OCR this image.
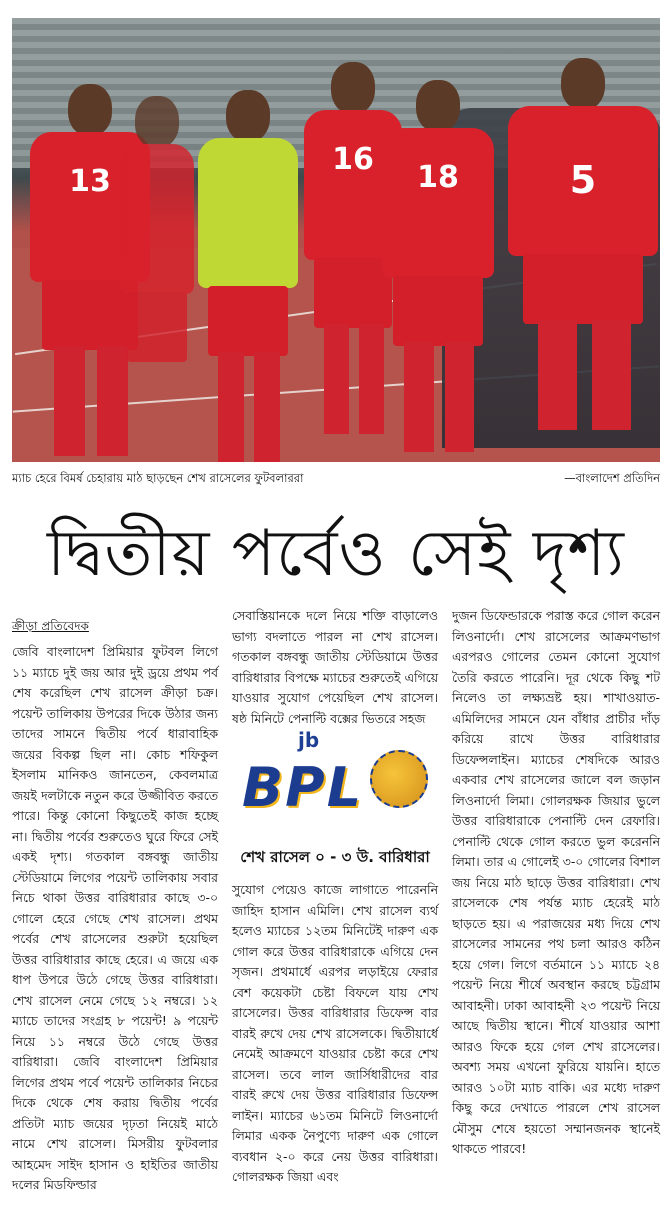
13
16
18	5
ম্যাচ হেরে বিমর্ষ চেহারায় মাঠ ছাড়ছেন শেখ রাসেলের ফুটবলাররা	—বাংলাদেশ প্রতিদিন
দ্বিতীয় পর্বেও সেই দৃশ্য
ক্রীড়া প্রতিবেদক

জেবি বাংলাদেশ প্রিমিয়ার ফুটবল লিগে ১১ ম্যাচে দুই জয় আর দুই ড্রয়ে প্রথম পর্ব শেষ করেছিল শেখ রাসেল ক্রীড়া চক্র। পয়েন্ট তালিকায় উপরের দিকে উঠার জন্য তাদের সামনে দ্বিতীয় পর্বে ধারাবাহিক জয়ের বিকল্প ছিল না। কোচ শফিকুল ইসলাম মানিকও জানতেন, কেবলমাত্র জয়ই দলটাকে নতুন করে উজ্জীবিত করতে পারে। কিন্তু কোনো কিছুতেই কাজ হচ্ছে না। দ্বিতীয় পর্বের শুরুতেও ঘুরে ফিরে সেই একই দৃশ্য। গতকাল বঙ্গবন্ধু জাতীয় স্টেডিয়ামে লিগের পয়েন্ট তালিকায় সবার নিচে থাকা উত্তর বারিধারার কাছে ৩-০ গোলে হেরে গেছে শেখ রাসেল। প্রথম পর্বের শেখ রাসেলের শুরুটা হয়েছিল উত্তর বারিধারার কাছে হেরে। এ জয়ে এক ধাপ উপরে উঠে গেছে উত্তর বারিধারা। শেখ রাসেল নেমে গেছে ১২ নম্বরে। ১২ ম্যাচে তাদের সংগ্রহ ৮ পয়েন্ট! ৯ পয়েন্ট নিয়ে ১১ নম্বরে উঠে গেছে উত্তর বারিধারা। জেবি বাংলাদেশ প্রিমিয়ার লিগের প্রথম পর্বে পয়েন্ট তালিকার নিচের দিকে থেকে শেষ করায় দ্বিতীয় পর্বের প্রতিটা ম্যাচ জয়ের দৃঢ়তা নিয়েই মাঠে নামে শেখ রাসেল। মিসরীয় ফুটবলার আহমেদ সাইদ হাসান ও হাইতির জাতীয় দলের মিডফিল্ডার

সেবাস্তিয়ানকে দলে নিয়ে শক্তি বাড়ালেও ভাগ্য বদলাতে পারল না শেখ রাসেল। গতকাল বঙ্গবন্ধু জাতীয় স্টেডিয়ামে উত্তর বারিধারার বিপক্ষে ম্যাচের শুরুতেই এগিয়ে যাওয়ার সুযোগ পেয়েছিল শেখ রাসেল। ষষ্ঠ মিনিটে পেনাল্টি বক্সের ভিতরে সহজ

jb
BPL
শেখ রাসেল ০ - ৩ উ. বারিধারা

সুযোগ পেয়েও কাজে লাগাতে পারেননি জাহিদ হাসান এমিলি। শেখ রাসেল ব্যর্থ হলেও ম্যাচের ১২তম মিনিটেই দারুণ এক গোল করে উত্তর বারিধারাকে এগিয়ে দেন সৃজন। প্রথমার্ধে এরপর লড়াইয়ে ফেরার বেশ কয়েকটা চেষ্টা বিফলে যায় শেখ রাসেলের। উত্তর বারিধারার ডিফেন্স বার বারই রুখে দেয় শেখ রাসেলকে। দ্বিতীয়ার্ধে নেমেই আক্রমণে যাওয়ার চেষ্টা করে শেখ রাসেল। তবে লাল জার্সিধারীদের বার বারই রুখে দেয় উত্তর বারিধারার ডিফেন্স লাইন। ম্যাচের ৬১তম মিনিটে লিওনার্দো লিমার একক নৈপুণ্যে দারুণ এক গোলে ব্যবধান ২-০ করে নেয় উত্তর বারিধারা। গোলরক্ষক জিয়া এবং

দুজন ডিফেন্ডারকে পরাস্ত করে গোল করেন লিওনার্দো। শেখ রাসেলের আক্রমণভাগ এরপরও গোলের তেমন কোনো সুযোগ তৈরি করতে পারেনি। দূর থেকে কিছু শট নিলেও তা লক্ষ্যভ্রষ্ট হয়। শাখাওয়াত-এমিলিদের সামনে যেন বাঁধার প্রাচীর দাঁড় করিয়ে রাখে উত্তর বারিধারার ডিফেন্সলাইন। ম্যাচের শেষদিকে আরও একবার শেখ রাসেলের জালে বল জড়ান লিওনার্দো লিমা। গোলরক্ষক জিয়ার ভুলে উত্তর বারিধারাকে পেনাল্টি দেন রেফারি। পেনাল্টি থেকে গোল করতে ভুল করেননি লিমা। তার এ গোলেই ৩-০ গোলের বিশাল জয় নিয়ে মাঠ ছাড়ে উত্তর বারিধারা। শেখ রাসেলকে শেষ পর্যন্ত ম্যাচ হেরেই মাঠ ছাড়তে হয়। এ পরাজয়ের মধ্য দিয়ে শেখ রাসেলের সামনের পথ চলা আরও কঠিন হয়ে গেল। লিগে বর্তমানে ১১ ম্যাচে ২৪ পয়েন্ট নিয়ে শীর্ষে অবস্থান করছে চট্টগ্রাম আবাহনী। ঢাকা আবাহনী ২৩ পয়েন্ট নিয়ে আছে দ্বিতীয় স্থানে। শীর্ষে যাওয়ার আশা আরও ফিকে হয়ে গেল শেখ রাসেলের। অবশ্য সময় এখনো ফুরিয়ে যায়নি। হাতে আরও ১০টা ম্যাচ বাকি। এর মধ্যে দারুণ কিছু করে দেখাতে পারলে শেখ রাসেল মৌসুম শেষে হয়তো সম্মানজনক স্থানেই থাকতে পারবে!
